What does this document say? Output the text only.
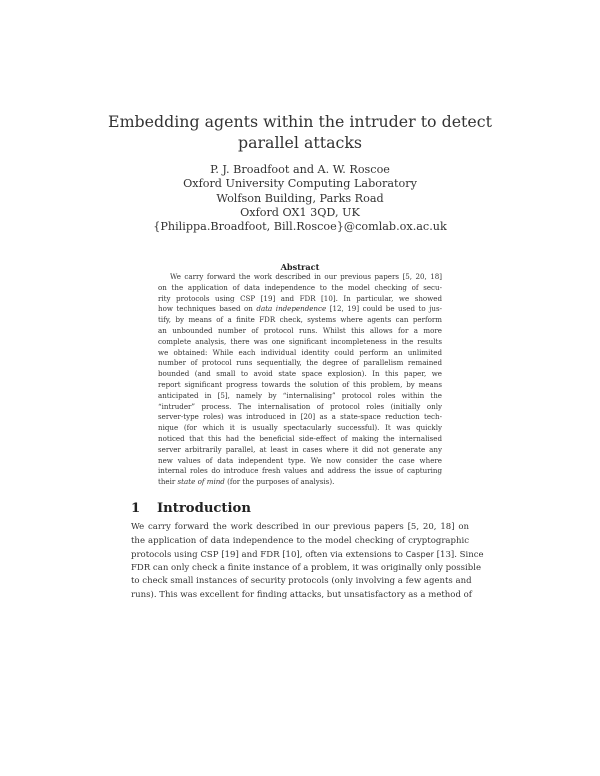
Embedding agents within the intruder to detect
parallel attacks
P. J. Broadfoot and A. W. Roscoe
Oxford University Computing Laboratory
Wolfson Building, Parks Road
Oxford OX1 3QD, UK
{Philippa.Broadfoot, Bill.Roscoe}@comlab.ox.ac.uk
Abstract
We carry forward the work described in our previous papers [5, 20, 18]
on the application of data independence to the model checking of secu-
rity protocols using CSP [19] and FDR [10]. In particular, we showed
how techniques based on data independence [12, 19] could be used to jus-
tify, by means of a finite FDR check, systems where agents can perform
an unbounded number of protocol runs. Whilst this allows for a more
complete analysis, there was one significant incompleteness in the results
we obtained: While each individual identity could perform an unlimited
number of protocol runs sequentially, the degree of parallelism remained
bounded (and small to avoid state space explosion). In this paper, we
report significant progress towards the solution of this problem, by means
anticipated in [5], namely by “internalising” protocol roles within the
“intruder” process. The internalisation of protocol roles (initially only
server-type roles) was introduced in [20] as a state-space reduction tech-
nique (for which it is usually spectacularly successful). It was quickly
noticed that this had the beneficial side-effect of making the internalised
server arbitrarily parallel, at least in cases where it did not generate any
new values of data independent type. We now consider the case where
internal roles do introduce fresh values and address the issue of capturing
their state of mind (for the purposes of analysis).
1 Introduction
We carry forward the work described in our previous papers [5, 20, 18] on
the application of data independence to the model checking of cryptographic
protocols using CSP [19] and FDR [10], often via extensions to Casper [13]. Since
FDR can only check a finite instance of a problem, it was originally only possible
to check small instances of security protocols (only involving a few agents and
runs). This was excellent for finding attacks, but unsatisfactory as a method of
